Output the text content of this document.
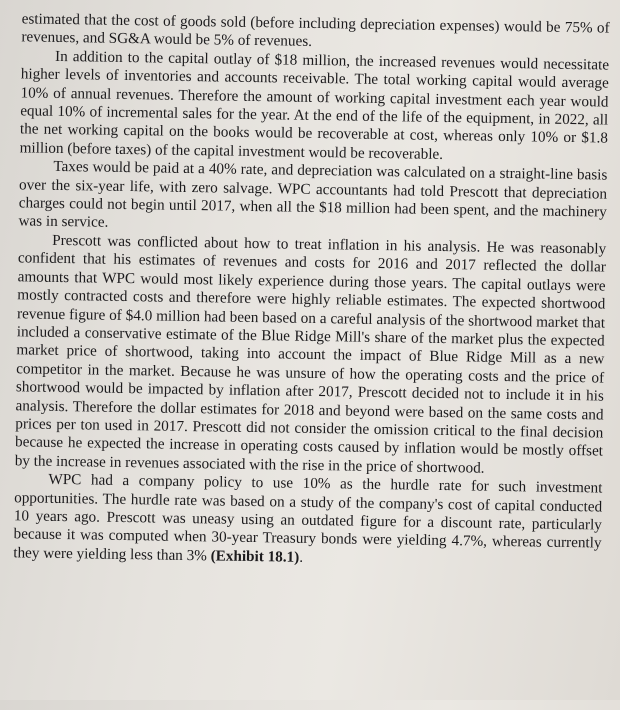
estimated that the cost of goods sold (before including depreciation expenses) would be 75% of revenues, and SG&A would be 5% of revenues.

In addition to the capital outlay of $18 million, the increased revenues would necessitate higher levels of inventories and accounts receivable. The total working capital would average 10% of annual revenues. Therefore the amount of working capital investment each year would equal 10% of incremental sales for the year. At the end of the life of the equipment, in 2022, all the net working capital on the books would be recoverable at cost, whereas only 10% or $1.8 million (before taxes) of the capital investment would be recoverable.

Taxes would be paid at a 40% rate, and depreciation was calculated on a straight-line basis over the six-year life, with zero salvage. WPC accountants had told Prescott that depreciation charges could not begin until 2017, when all the $18 million had been spent, and the machinery was in service.

Prescott was conflicted about how to treat inflation in his analysis. He was reasonably confident that his estimates of revenues and costs for 2016 and 2017 reflected the dollar amounts that WPC would most likely experience during those years. The capital outlays were mostly contracted costs and therefore were highly reliable estimates. The expected shortwood revenue figure of $4.0 million had been based on a careful analysis of the shortwood market that included a conservative estimate of the Blue Ridge Mill's share of the market plus the expected market price of shortwood, taking into account the impact of Blue Ridge Mill as a new competitor in the market. Because he was unsure of how the operating costs and the price of shortwood would be impacted by inflation after 2017, Prescott decided not to include it in his analysis. Therefore the dollar estimates for 2018 and beyond were based on the same costs and prices per ton used in 2017. Prescott did not consider the omission critical to the final decision because he expected the increase in operating costs caused by inflation would be mostly offset by the increase in revenues associated with the rise in the price of shortwood.

WPC had a company policy to use 10% as the hurdle rate for such investment opportunities. The hurdle rate was based on a study of the company's cost of capital conducted 10 years ago. Prescott was uneasy using an outdated figure for a discount rate, particularly because it was computed when 30-year Treasury bonds were yielding 4.7%, whereas currently they were yielding less than 3% (Exhibit 18.1).
